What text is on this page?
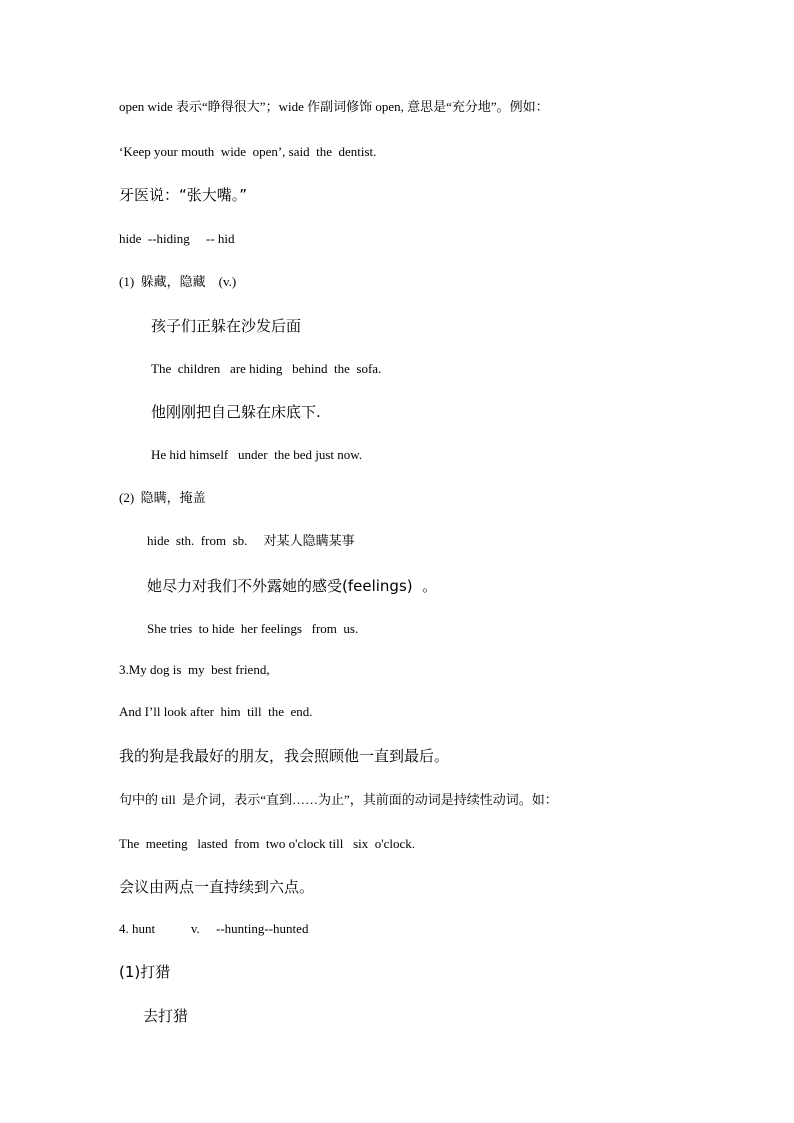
open wide 表示“睁得很大”；wide 作副词修饰 open, 意思是“充分地”。例如：
‘Keep your mouth  wide  open’, said  the  dentist.
牙医说：“张大嘴。”
hide  --hiding     -- hid
(1)  躲藏，隐藏    (v.)
孩子们正躲在沙发后面
The  children   are hiding   behind  the  sofa.
他刚刚把自己躲在床底下.
He hid himself   under  the bed just now.
(2)  隐瞒，掩盖
hide  sth.  from  sb.     对某人隐瞒某事
她尽力对我们不外露她的感受(feelings)  。
She tries  to hide  her feelings   from  us.
3.My dog is  my  best friend,
And I’ll look after  him  till  the  end.
我的狗是我最好的朋友，我会照顾他一直到最后。
句中的 till  是介词，表示“直到……为止”，其前面的动词是持续性动词。如：
The  meeting   lasted  from  two o'clock till   six  o'clock.
会议由两点一直持续到六点。
4. hunt           v.     --hunting--hunted
(1)打猎
去打猎
